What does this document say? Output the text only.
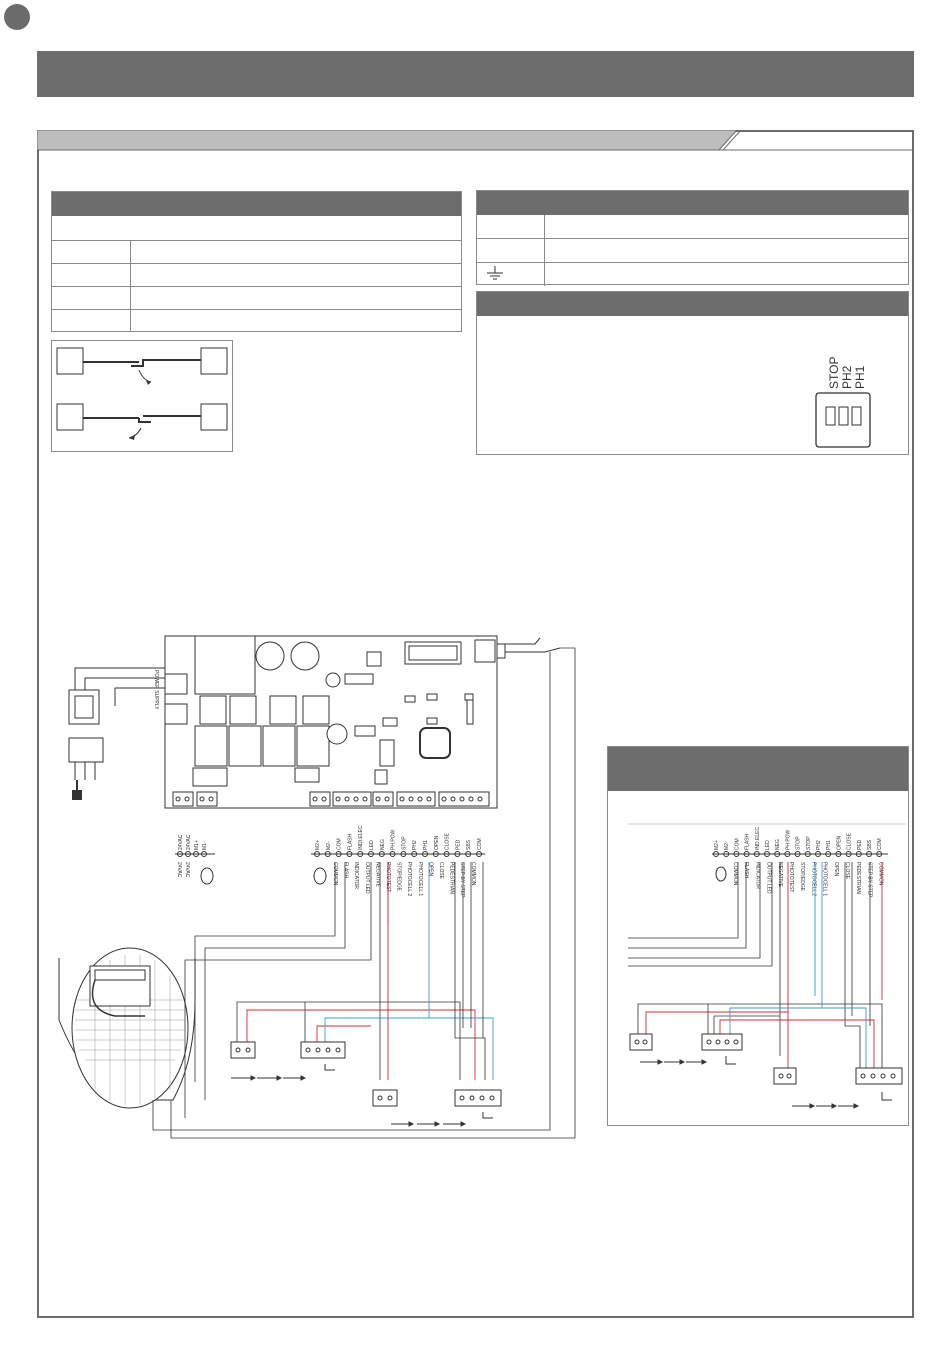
STOP PH2 PH1
POWER SUPPLY
24VAC 24VAC M1+ M1-
24VAC 24VAC
M2+ M2- COM FLASH INDI.ELEC LED NEG PH.POW STOP PH2 PH1 OPEN CLOSE PED SBS COM
COMMON FLASH INDICATOR OUTPUT LED NEGATIVE PHOTOTEST STOP/EDGE PHOTOCELL 2 PHOTOCELL 1 OPEN CLOSE PEDESTRIAN STEP BY STEP COMMON
M2+ M2- COM FLASH IND.ELEC LED NEG PH.POW STOP STOP PH2 PH1 OPEN CLOSE PED SBS COM
COMMON FLASH INDICATOR OUTPUT LED NEGATIVE PHOTOTEST STOP/EDGE PHOTOCELL 2 PHOTOCELL 1 OPEN CLOSE PEDESTRIAN STEP BY STEP COMMON
